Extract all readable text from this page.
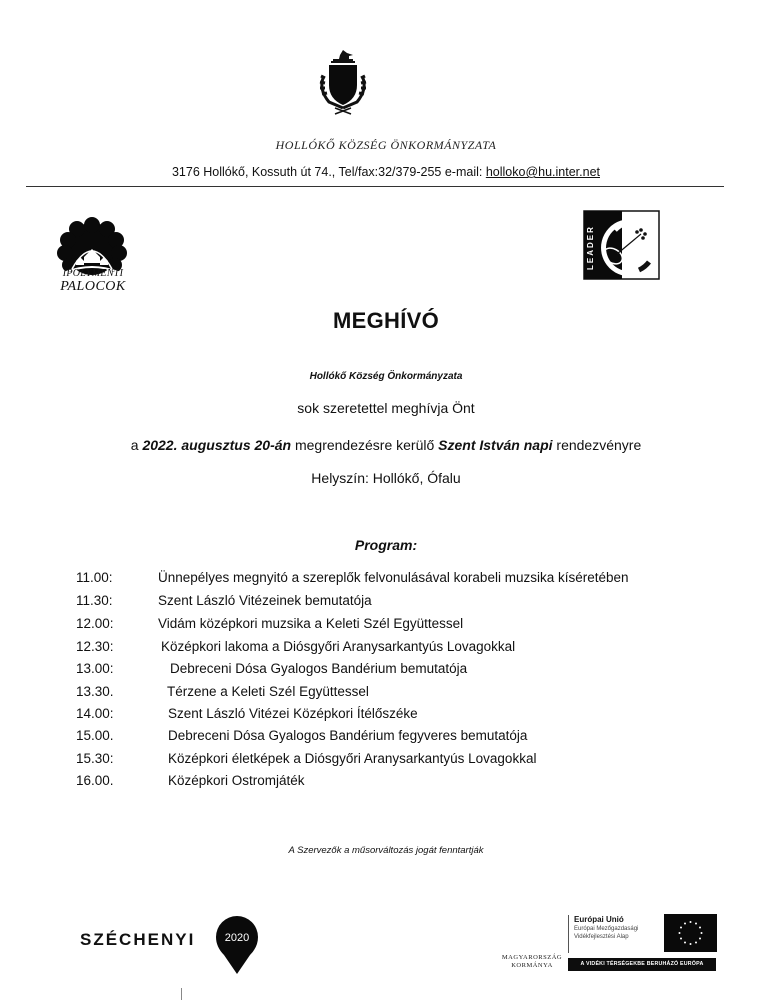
HOLLÓKŐ KÖZSÉG ÖNKORMÁNYZATA
3176 Hollókő, Kossuth út 74., Tel/fax:32/379-255 e-mail: holloko@hu.inter.net
IPOLYMENTI
PALOCOK
LEADER
MEGHÍVÓ
Hollókő Község Önkormányzata
sok szeretettel meghívja Önt
a 2022. augusztus 20-án megrendezésre kerülő Szent István napi rendezvényre
Helyszín: Hollókő, Ófalu
Program:
11.00:	Ünnepélyes megnyitó a szereplők felvonulásával korabeli muzsika kíséretében
11.30:	Szent László Vitézeinek bemutatója
12.00:	Vidám középkori muzsika a Keleti Szél Együttessel
12.30:	Középkori lakoma a Diósgyőri Aranysarkantyús Lovagokkal
13.00:	Debreceni Dósa Gyalogos Bandérium bemutatója
13.30.	Térzene a Keleti Szél Együttessel
14.00:	Szent László Vitézei Középkori Ítélőszéke
15.00.	Debreceni Dósa Gyalogos Bandérium fegyveres bemutatója
15.30:	Középkori életképek a Diósgyőri Aranysarkantyús Lovagokkal
16.00.	Középkori Ostromjáték
A Szervezők a műsorváltozás jogát fenntartják
SZÉCHENYI	2020
MAGYARORSZÁG
KORMÁNYA
Európai Unió
Európai Mezőgazdasági
Vidékfejlesztési Alap
A VIDÉKI TÉRSÉGEKBE BERUHÁZÓ EURÓPA
